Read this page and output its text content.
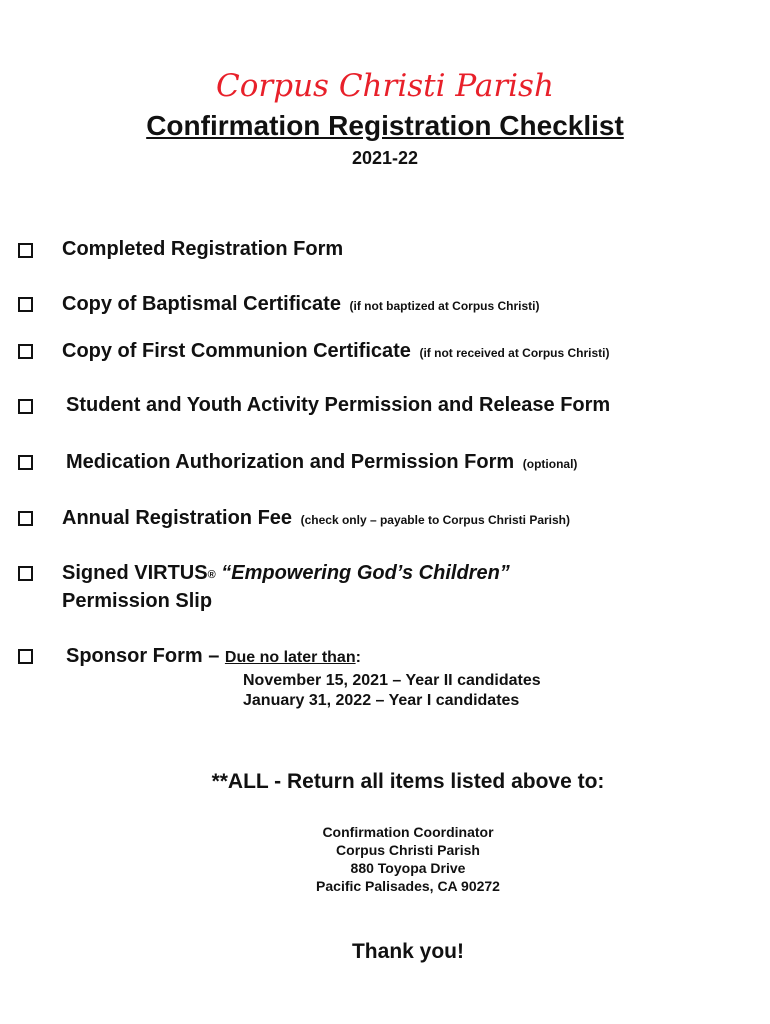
Corpus Christi Parish
Confirmation Registration Checklist
2021-22
Completed Registration Form
Copy of Baptismal Certificate (if not baptized at Corpus Christi)
Copy of First Communion Certificate (if not received at Corpus Christi)
Student and Youth Activity Permission and Release Form
Medication Authorization and Permission Form (optional)
Annual Registration Fee (check only – payable to Corpus Christi Parish)
Signed VIRTUS® “Empowering God’s Children”
Permission Slip
Sponsor Form – Due no later than:
November 15, 2021 – Year II candidates
January 31, 2022 – Year I candidates
**ALL - Return all items listed above to:
Confirmation Coordinator
Corpus Christi Parish
880 Toyopa Drive
Pacific Palisades, CA 90272
Thank you!
